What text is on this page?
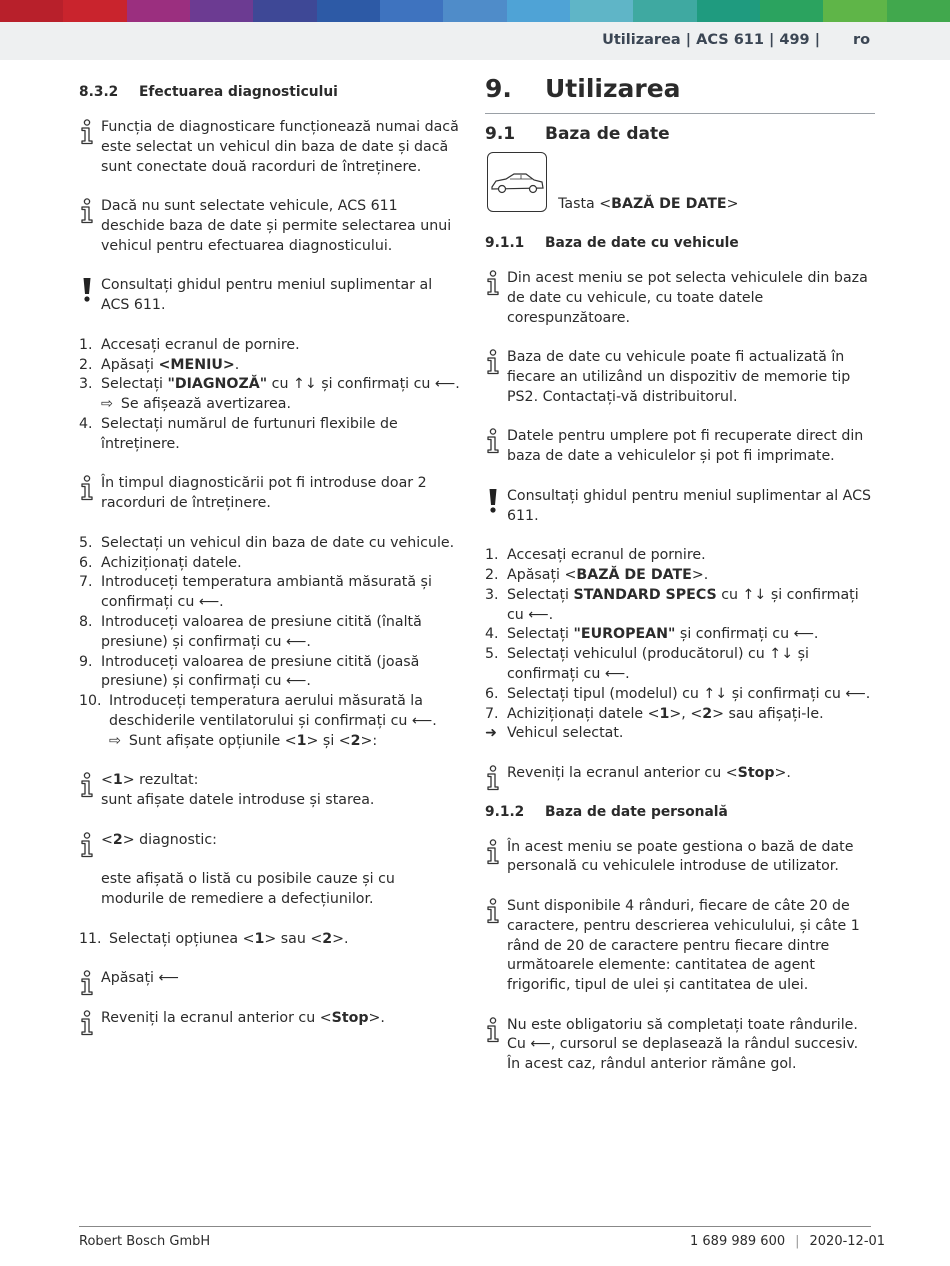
Utilizarea | ACS 611 | 499 | ro
8.3.2 Efectuarea diagnosticului
Funcția de diagnosticare funcționează numai dacă este selectat un vehicul din baza de date și dacă sunt conectate două racorduri de întreținere.
Dacă nu sunt selectate vehicule, ACS 611 deschide baza de date și permite selectarea unui vehicul pentru efectuarea diagnosticului.
Consultați ghidul pentru meniul suplimentar al ACS 611.
1. Accesați ecranul de pornire.
2. Apăsați <MENIU>.
3. Selectați "DIAGNOZĂ" cu ↑↓ și confirmați cu ⟵.
⇨ Se afișează avertizarea.
4. Selectați numărul de furtunuri flexibile de întreținere.
În timpul diagnosticării pot fi introduse doar 2 racorduri de întreținere.
5. Selectați un vehicul din baza de date cu vehicule.
6. Achiziționați datele.
7. Introduceți temperatura ambiantă măsurată și confirmați cu ⟵.
8. Introduceți valoarea de presiune citită (înaltă presiune) și confirmați cu ⟵.
9. Introduceți valoarea de presiune citită (joasă presiune) și confirmați cu ⟵.
10. Introduceți temperatura aerului măsurată la deschiderile ventilatorului și confirmați cu ⟵.
⇨ Sunt afișate opțiunile <1> și <2>:
<1> rezultat:
sunt afișate datele introduse și starea.
<2> diagnostic:
este afișată o listă cu posibile cauze și cu modurile de remediere a defecțiunilor.
11. Selectați opțiunea <1> sau <2>.
Apăsați ⟵
Reveniți la ecranul anterior cu <Stop>.
9. Utilizarea
9.1 Baza de date
Tasta <BAZĂ DE DATE>
9.1.1 Baza de date cu vehicule
Din acest meniu se pot selecta vehiculele din baza de date cu vehicule, cu toate datele corespunzătoare.
Baza de date cu vehicule poate fi actualizată în fiecare an utilizând un dispozitiv de memorie tip PS2. Contactați-vă distribuitorul.
Datele pentru umplere pot fi recuperate direct din baza de date a vehiculelor și pot fi imprimate.
Consultați ghidul pentru meniul suplimentar al ACS 611.
1. Accesați ecranul de pornire.
2. Apăsați <BAZĂ DE DATE>.
3. Selectați STANDARD SPECS cu ↑↓ și confirmați cu ⟵.
4. Selectați "EUROPEAN" și confirmați cu ⟵.
5. Selectați vehiculul (producătorul) cu ↑↓ și confirmați cu ⟵.
6. Selectați tipul (modelul) cu ↑↓ și confirmați cu ⟵.
7. Achiziționați datele <1>, <2> sau afișați-le.
➜ Vehicul selectat.
Reveniți la ecranul anterior cu <Stop>.
9.1.2 Baza de date personală
În acest meniu se poate gestiona o bază de date personală cu vehiculele introduse de utilizator.
Sunt disponibile 4 rânduri, fiecare de câte 20 de caractere, pentru descrierea vehiculului, și câte 1 rând de 20 de caractere pentru fiecare dintre următoarele elemente: cantitatea de agent frigorific, tipul de ulei și cantitatea de ulei.
Nu este obligatoriu să completați toate rândurile. Cu ⟵, cursorul se deplasează la rândul succesiv. În acest caz, rândul anterior rămâne gol.
Robert Bosch GmbH	1 689 989 600 | 2020-12-01
